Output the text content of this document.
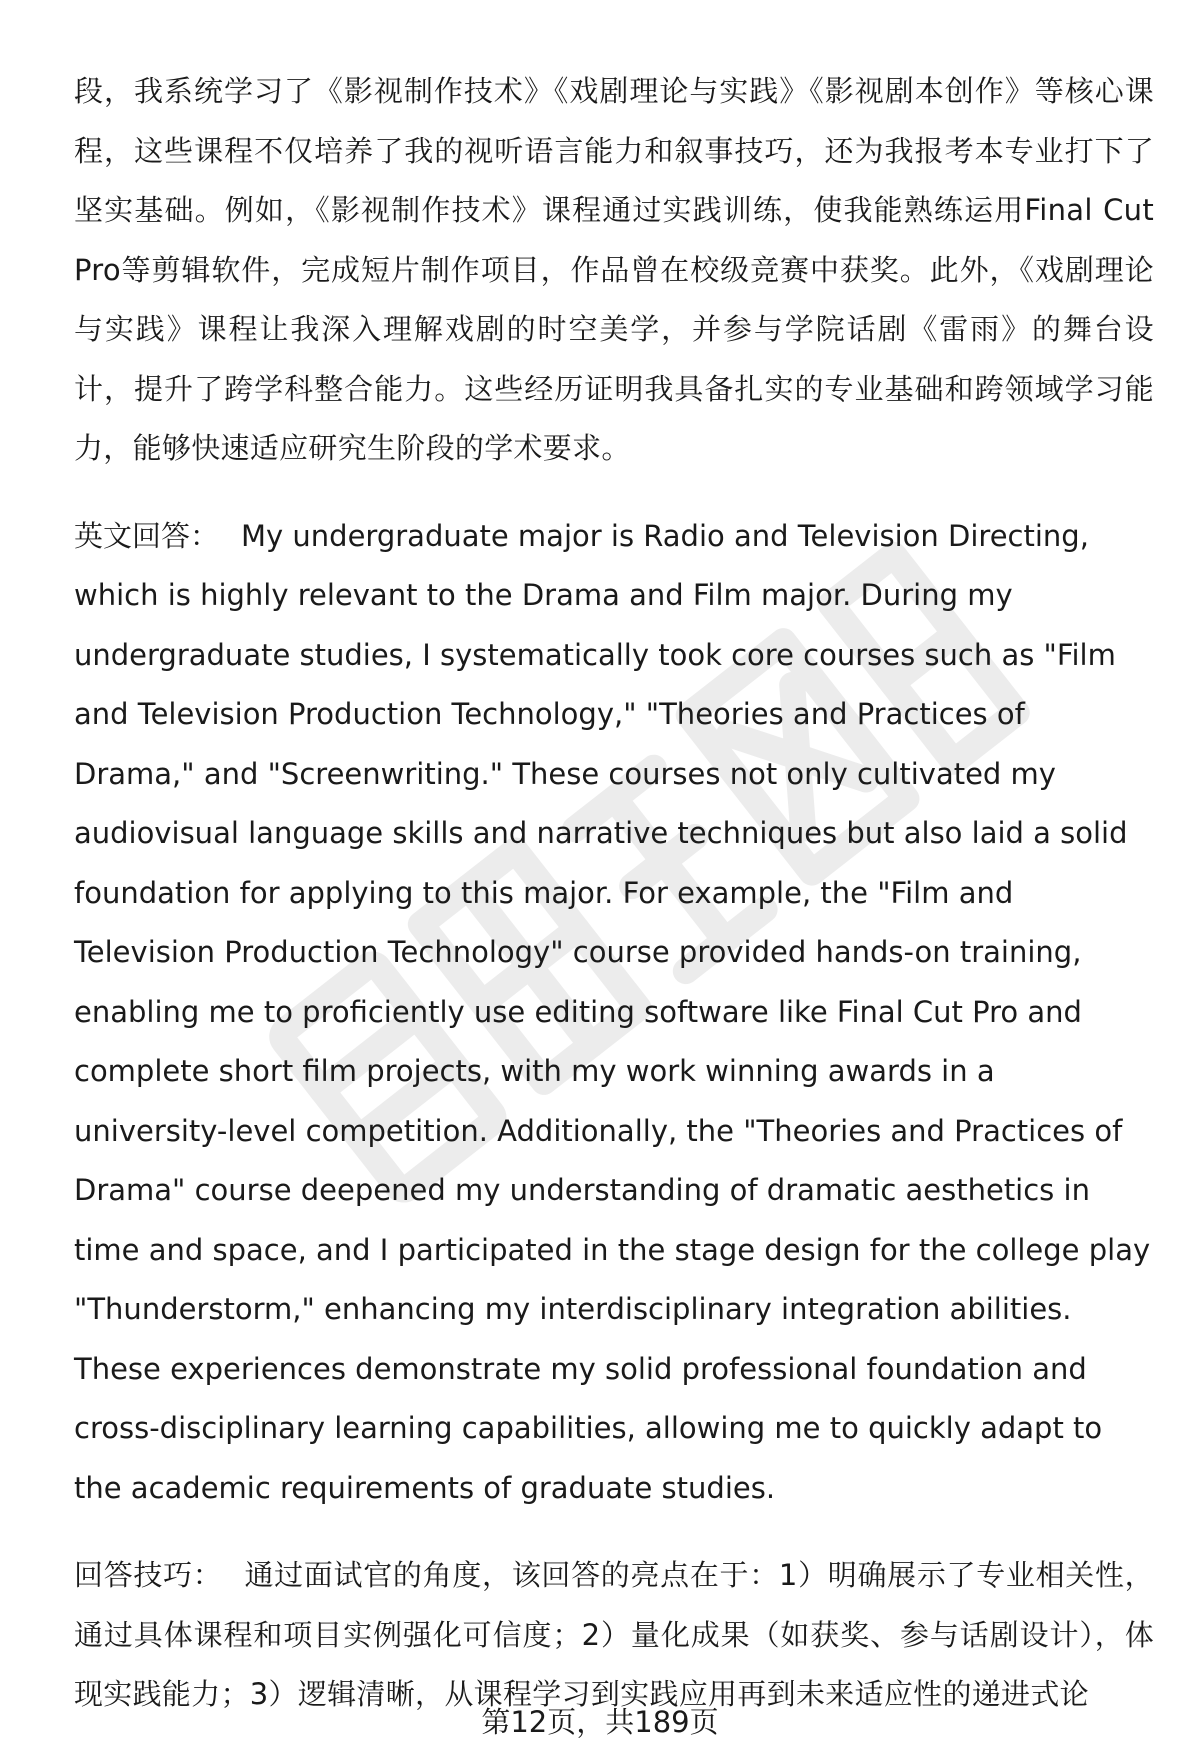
段，我系统学习了《影视制作技术》《戏剧理论与实践》《影视剧本创作》等核心课程，这些课程不仅培养了我的视听语言能力和叙事技巧，还为我报考本专业打下了坚实基础。例如，《影视制作技术》课程通过实践训练，使我能熟练运用Final Cut Pro等剪辑软件，完成短片制作项目，作品曾在校级竞赛中获奖。此外，《戏剧理论与实践》课程让我深入理解戏剧的时空美学，并参与学院话剧《雷雨》的舞台设计，提升了跨学科整合能力。这些经历证明我具备扎实的专业基础和跨领域学习能力，能够快速适应研究生阶段的学术要求。

英文回答： My undergraduate major is Radio and Television Directing, which is highly relevant to the Drama and Film major. During my undergraduate studies, I systematically took core courses such as "Film and Television Production Technology," "Theories and Practices of Drama," and "Screenwriting." These courses not only cultivated my audiovisual language skills and narrative techniques but also laid a solid foundation for applying to this major. For example, the "Film and Television Production Technology" course provided hands-on training, enabling me to proficiently use editing software like Final Cut Pro and complete short film projects, with my work winning awards in a university-level competition. Additionally, the "Theories and Practices of Drama" course deepened my understanding of dramatic aesthetics in time and space, and I participated in the stage design for the college play "Thunderstorm," enhancing my interdisciplinary integration abilities. These experiences demonstrate my solid professional foundation and cross-disciplinary learning capabilities, allowing me to quickly adapt to the academic requirements of graduate studies.

回答技巧： 通过面试官的角度，该回答的亮点在于：1）明确展示了专业相关性，通过具体课程和项目实例强化可信度；2）量化成果（如获奖、参与话剧设计），体现实践能力；3）逻辑清晰，从课程学习到实践应用再到未来适应性的递进式论

第12页，共189页
